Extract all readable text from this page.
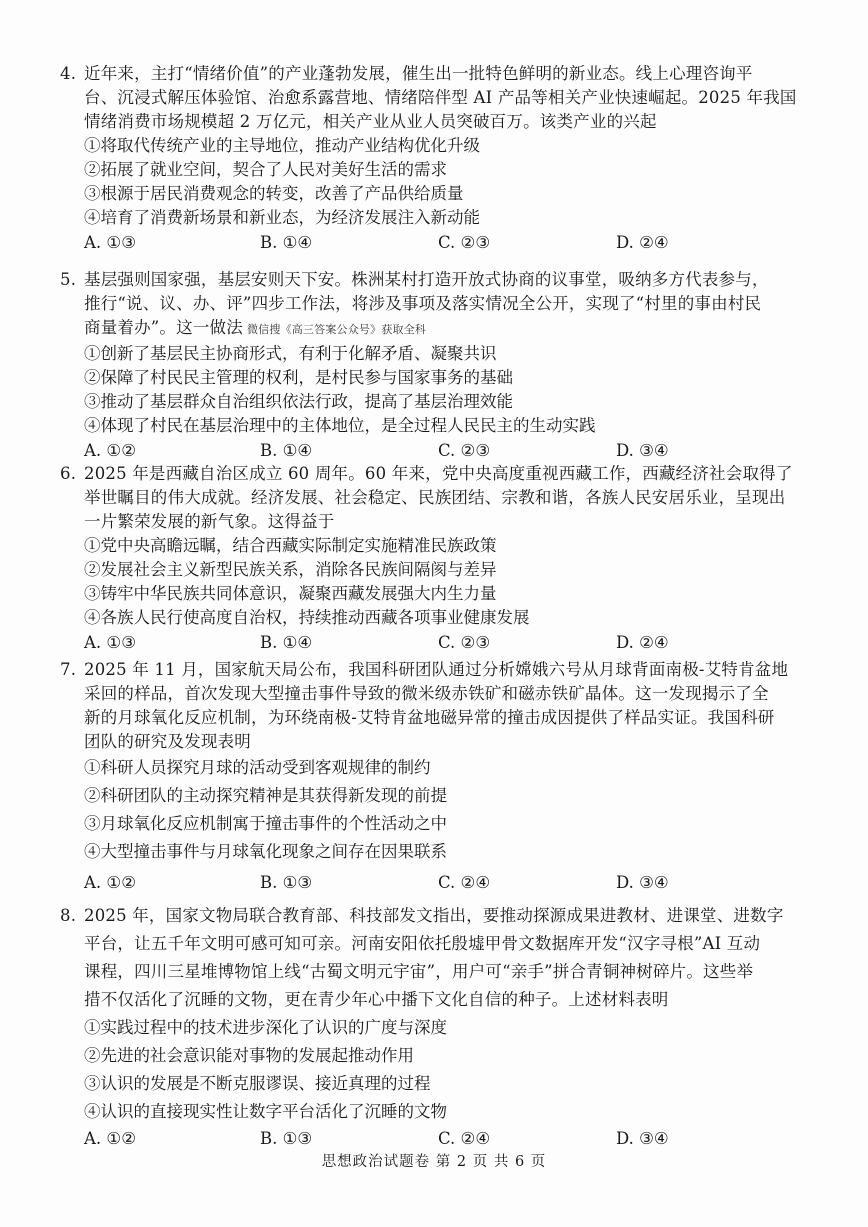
4. 近年来，主打“情绪价值”的产业蓬勃发展，催生出一批特色鲜明的新业态。线上心理咨询平
台、沉浸式解压体验馆、治愈系露营地、情绪陪伴型 AI 产品等相关产业快速崛起。2025 年我国
情绪消费市场规模超 2 万亿元，相关产业从业人员突破百万。该类产业的兴起
①将取代传统产业的主导地位，推动产业结构优化升级
②拓展了就业空间，契合了人民对美好生活的需求
③根源于居民消费观念的转变，改善了产品供给质量
④培育了消费新场景和新业态，为经济发展注入新动能
A. ①③	B. ①④	C. ②③	D. ②④
5. 基层强则国家强，基层安则天下安。株洲某村打造开放式协商的议事堂，吸纳多方代表参与，
推行“说、议、办、评”四步工作法，将涉及事项及落实情况全公开，实现了“村里的事由村民
商量着办”。这一做法 微信搜《高三答案公众号》获取全科
①创新了基层民主协商形式，有利于化解矛盾、凝聚共识
②保障了村民民主管理的权利，是村民参与国家事务的基础
③推动了基层群众自治组织依法行政，提高了基层治理效能
④体现了村民在基层治理中的主体地位，是全过程人民民主的生动实践
A. ①②	B. ①④	C. ②③	D. ③④
6. 2025 年是西藏自治区成立 60 周年。60 年来，党中央高度重视西藏工作，西藏经济社会取得了
举世瞩目的伟大成就。经济发展、社会稳定、民族团结、宗教和谐，各族人民安居乐业，呈现出
一片繁荣发展的新气象。这得益于
①党中央高瞻远瞩，结合西藏实际制定实施精准民族政策
②发展社会主义新型民族关系，消除各民族间隔阂与差异
③铸牢中华民族共同体意识，凝聚西藏发展强大内生力量
④各族人民行使高度自治权，持续推动西藏各项事业健康发展
A. ①③	B. ①④	C. ②③	D. ②④
7. 2025 年 11 月，国家航天局公布，我国科研团队通过分析嫦娥六号从月球背面南极-艾特肯盆地
采回的样品，首次发现大型撞击事件导致的微米级赤铁矿和磁赤铁矿晶体。这一发现揭示了全
新的月球氧化反应机制，为环绕南极-艾特肯盆地磁异常的撞击成因提供了样品实证。我国科研
团队的研究及发现表明
①科研人员探究月球的活动受到客观规律的制约
②科研团队的主动探究精神是其获得新发现的前提
③月球氧化反应机制寓于撞击事件的个性活动之中
④大型撞击事件与月球氧化现象之间存在因果联系
A. ①②	B. ①③	C. ②④	D. ③④
8. 2025 年，国家文物局联合教育部、科技部发文指出，要推动探源成果进教材、进课堂、进数字
平台，让五千年文明可感可知可亲。河南安阳依托殷墟甲骨文数据库开发“汉字寻根”AI 互动
课程，四川三星堆博物馆上线“古蜀文明元宇宙”，用户可“亲手”拼合青铜神树碎片。这些举
措不仅活化了沉睡的文物，更在青少年心中播下文化自信的种子。上述材料表明
①实践过程中的技术进步深化了认识的广度与深度
②先进的社会意识能对事物的发展起推动作用
③认识的发展是不断克服谬误、接近真理的过程
④认识的直接现实性让数字平台活化了沉睡的文物
A. ①②	B. ①③	C. ②④	D. ③④
思想政治试题卷 第 2 页 共 6 页
